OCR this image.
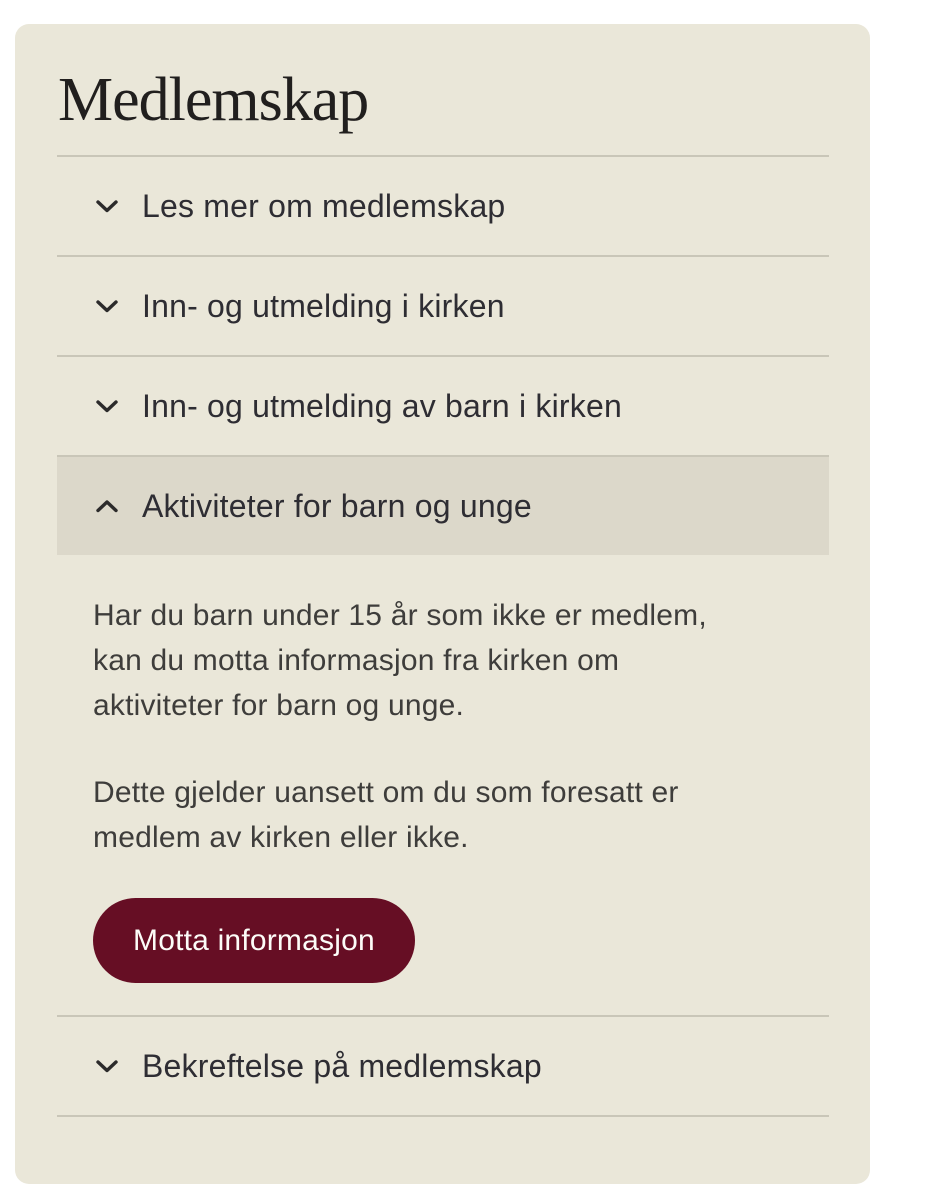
Medlemskap
Les mer om medlemskap
Inn- og utmelding i kirken
Inn- og utmelding av barn i kirken
Aktiviteter for barn og unge

Har du barn under 15 år som ikke er medlem, kan du motta informasjon fra kirken om aktiviteter for barn og unge.

Dette gjelder uansett om du som foresatt er medlem av kirken eller ikke.

Motta informasjon
Bekreftelse på medlemskap
